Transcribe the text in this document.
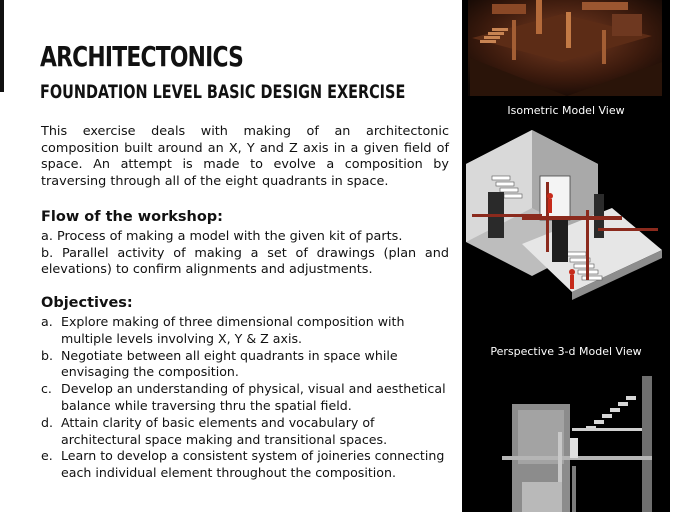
ARCHITECTONICS
FOUNDATION LEVEL BASIC DESIGN EXERCISE

This exercise deals with making of an architectonic composition built around an X, Y and Z axis in a given field of space. An attempt is made to evolve a composition by traversing through all of the eight quadrants in space.

Flow of the workshop:

a. Process of making a model with the given kit of parts.

b. Parallel activity of making a set of drawings (plan and elevations) to confirm alignments and adjustments.

Objectives:
a. Explore making of three dimensional composition with multiple levels involving X, Y & Z axis.
b. Negotiate between all eight quadrants in space while envisaging the composition.
c. Develop an understanding of physical, visual and aesthetical balance while traversing thru the spatial field.
d. Attain clarity of basic elements and vocabulary of architectural space making and transitional spaces.
e. Learn to develop a consistent system of joineries connecting each individual element throughout the composition.
Isometric Model View
Perspective 3-d Model View
